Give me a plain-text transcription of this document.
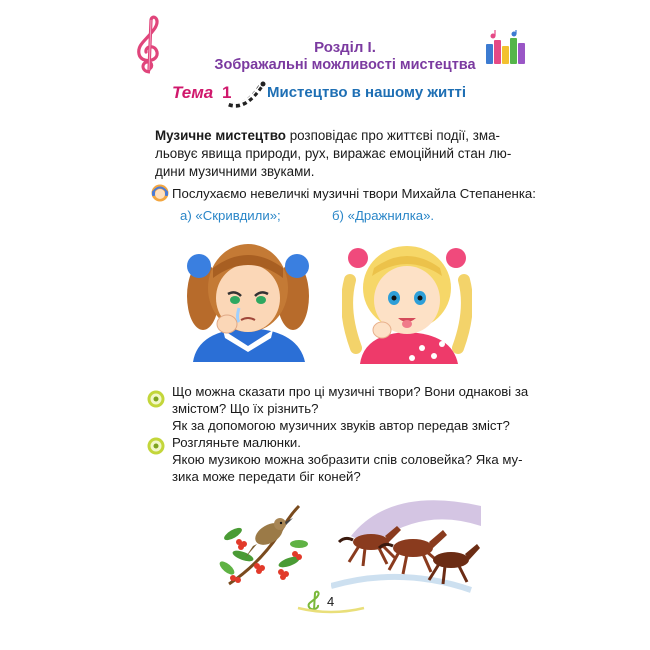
Розділ І.
Зображальні можливості мистецтва
Тема 1 Мистецтво в нашому житті
Музичне мистецтво розповідає про життєві події, зма-
льовує явища природи, рух, виражає емоційний стан лю-
дини музичними звуками.
Послухаємо невеличкі музичні твори Михайла Степаненка:
а) «Скривдили»;	б) «Дражнилка».
Що можна сказати про ці музичні твори? Вони однакові за
змістом? Що їх різнить?
Як за допомогою музичних звуків автор передав зміст?
Розгляньте малюнки.
Якою музикою можна зобразити спів соловейка? Яка му-
зика може передати біг коней?
4
